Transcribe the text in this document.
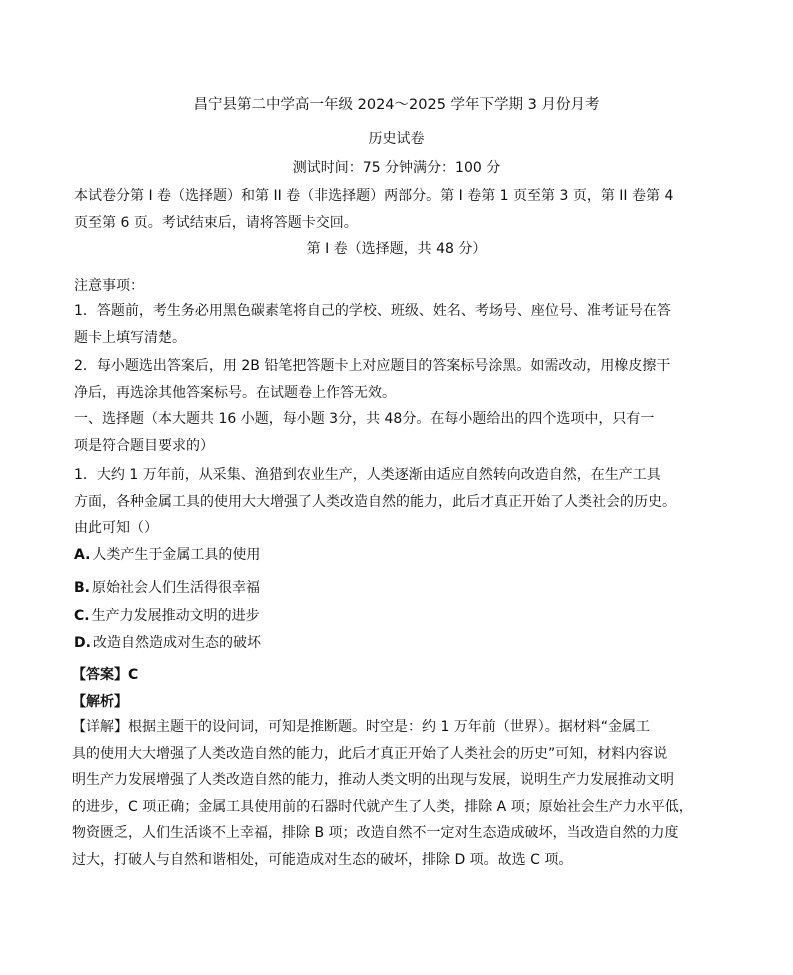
昌宁县第二中学高一年级 2024～2025 学年下学期 3 月份月考
历史试卷
测试时间：75 分钟满分：100 分
本试卷分第 I 卷（选择题）和第 II 卷（非选择题）两部分。第 I 卷第 1 页至第 3 页，第 II 卷第 4
页至第 6 页。考试结束后，请将答题卡交回。
第 I 卷（选择题，共 48 分）
注意事项：
1．答题前，考生务必用黑色碳素笔将自己的学校、班级、姓名、考场号、座位号、准考证号在答
题卡上填写清楚。
2．每小题选出答案后，用 2B 铅笔把答题卡上对应题目的答案标号涂黑。如需改动，用橡皮擦干
净后，再选涂其他答案标号。在试题卷上作答无效。
一、选择题（本大题共 16 小题，每小题 3分，共 48分。在每小题给出的四个选项中，只有一
项是符合题目要求的）
1．大约 1 万年前，从采集、渔猎到农业生产，人类逐渐由适应自然转向改造自然，在生产工具
方面，各种金属工具的使用大大增强了人类改造自然的能力，此后才真正开始了人类社会的历史。
由此可知（）
A. 人类产生于金属工具的使用
B. 原始社会人们生活得很幸福
C. 生产力发展推动文明的进步
D. 改造自然造成对生态的破坏
【答案】C
【解析】
【详解】根据主题干的设问词，可知是推断题。时空是：约 1 万年前（世界）。据材料“金属工
具的使用大大增强了人类改造自然的能力，此后才真正开始了人类社会的历史”可知，材料内容说
明生产力发展增强了人类改造自然的能力，推动人类文明的出现与发展，说明生产力发展推动文明
的进步，C 项正确；金属工具使用前的石器时代就产生了人类，排除 A 项；原始社会生产力水平低，
物资匮乏，人们生活谈不上幸福，排除 B 项；改造自然不一定对生态造成破坏，当改造自然的力度
过大，打破人与自然和谐相处，可能造成对生态的破坏，排除 D 项。故选 C 项。
